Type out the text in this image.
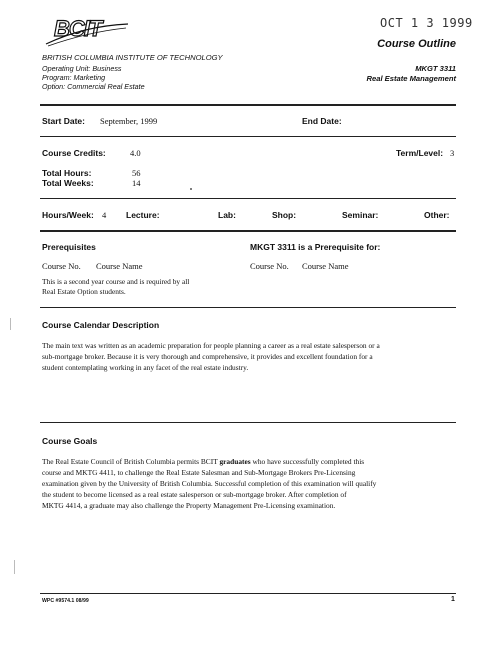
BCIT	OCT 1 3 1999
Course Outline
BRITISH COLUMBIA INSTITUTE OF TECHNOLOGY
Operating Unit: Business
Program: Marketing
Option: Commercial Real Estate
MKGT 3311
Real Estate Management
Start Date: September, 1999	End Date:
Course Credits:	4.0	Term/Level: 3
Total Hours:	56
Total Weeks:	14
Hours/Week: 4 Lecture:	Lab:	Shop:	Seminar:	Other:
Prerequisites
Course No. Course Name
This is a second year course and is required by all
Real Estate Option students.
MKGT 3311 is a Prerequisite for:
Course No. Course Name
Course Calendar Description
The main text was written as an academic preparation for people planning a career as a real estate salesperson or a
sub-mortgage broker. Because it is very thorough and comprehensive, it provides and excellent foundation for a
student contemplating working in any facet of the real estate industry.
Course Goals
The Real Estate Council of British Columbia permits BCIT graduates who have successfully completed this
course and MKTG 4411, to challenge the Real Estate Salesman and Sub-Mortgage Brokers Pre-Licensing
examination given by the University of British Columbia. Successful completion of this examination will qualify
the student to become licensed as a real estate salesperson or sub-mortgage broker. After completion of
MKTG 4414, a graduate may also challenge the Property Management Pre-Licensing examination.
WPC #9574.1 08/99	1
